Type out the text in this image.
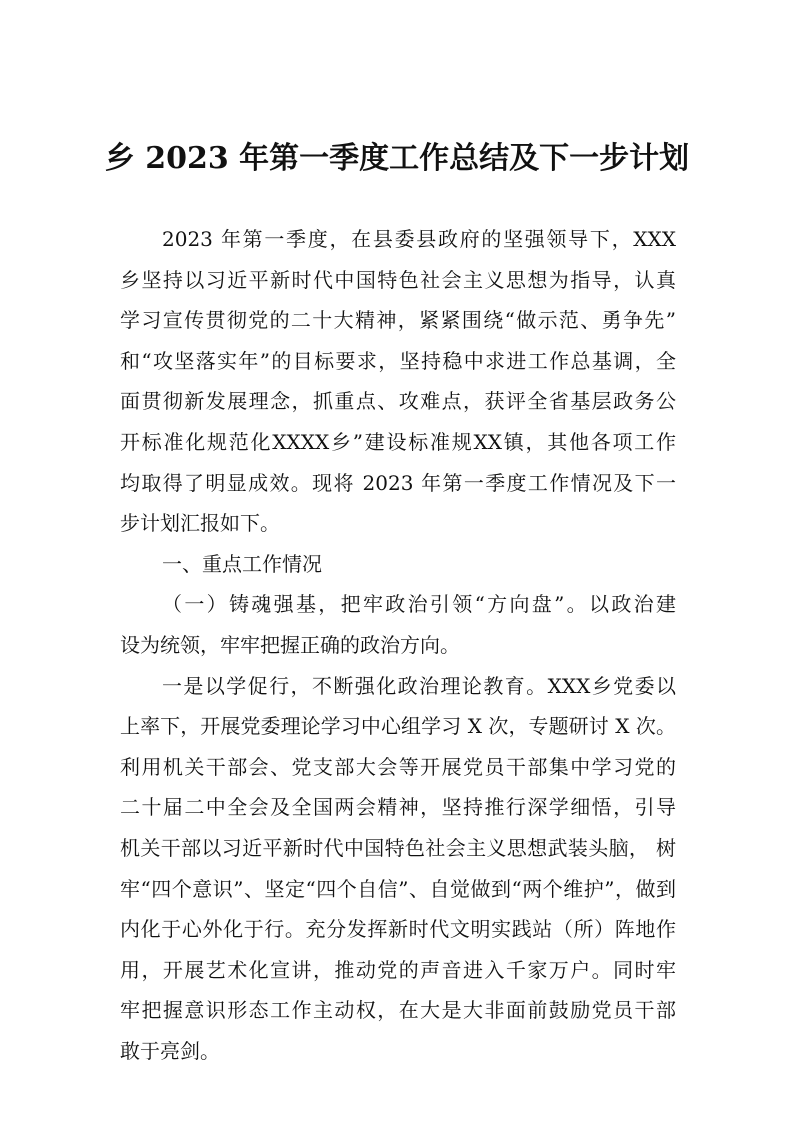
乡 2023 年第一季度工作总结及下一步计划
2023 年第一季度，在县委县政府的坚强领导下，XXX
乡坚持以习近平新时代中国特色社会主义思想为指导，认真
学习宣传贯彻党的二十大精神，紧紧围绕“做示范、勇争先”
和“攻坚落实年”的目标要求，坚持稳中求进工作总基调，全
面贯彻新发展理念，抓重点、攻难点，获评全省基层政务公
开标准化规范化XXXX乡”建设标准规XX镇，其他各项工作
均取得了明显成效。现将 2023 年第一季度工作情况及下一
步计划汇报如下。
一、重点工作情况
（一）铸魂强基，把牢政治引领“方向盘”。以政治建
设为统领，牢牢把握正确的政治方向。
一是以学促行，不断强化政治理论教育。XXX乡党委以
上率下，开展党委理论学习中心组学习 X 次，专题研讨 X 次。
利用机关干部会、党支部大会等开展党员干部集中学习党的
二十届二中全会及全国两会精神，坚持推行深学细悟，引导
机关干部以习近平新时代中国特色社会主义思想武装头脑， 树
牢“四个意识”、坚定“四个自信”、自觉做到“两个维护”，做到
内化于心外化于行。充分发挥新时代文明实践站（所）阵地作
用，开展艺术化宣讲，推动党的声音进入千家万户。同时牢
牢把握意识形态工作主动权，在大是大非面前鼓励党员干部
敢于亮剑。
